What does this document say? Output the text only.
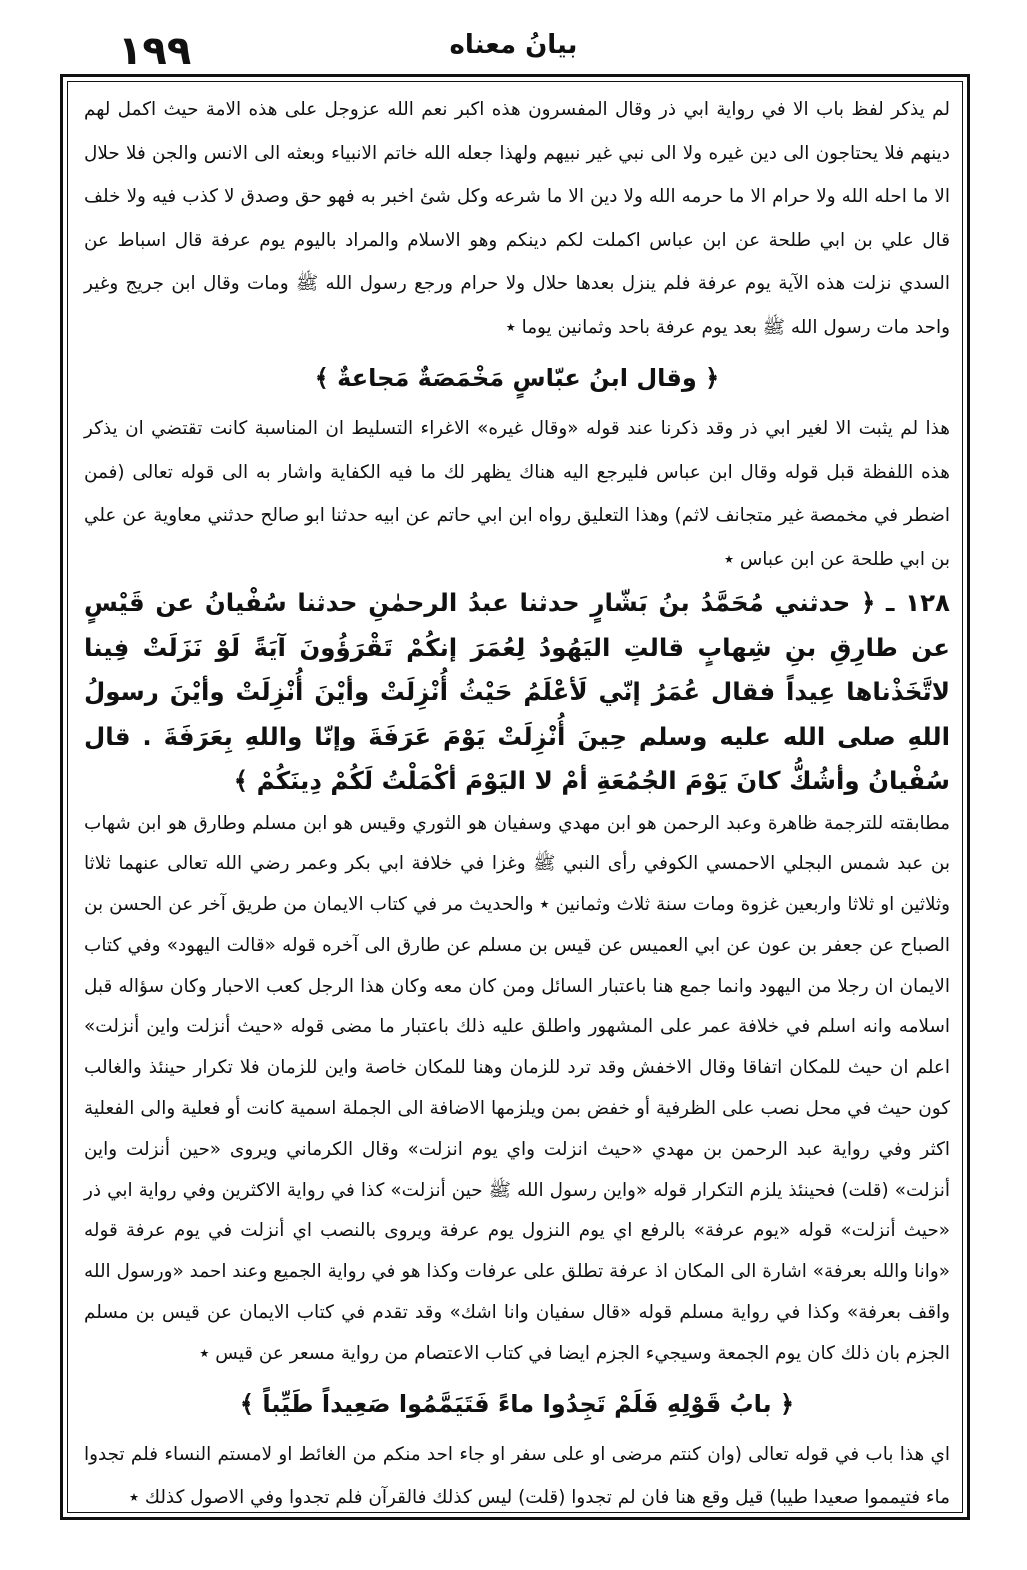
١٩٩	بيانُ معناه

لم يذكر لفظ باب الا في رواية ابي ذر وقال المفسرون هذه اكبر نعم الله عزوجل على هذه الامة حيث اكمل لهم دينهم فلا يحتاجون الى دين غيره ولا الى نبي غير نبيهم ولهذا جعله الله خاتم الانبياء وبعثه الى الانس والجن فلا حلال الا ما احله الله ولا حرام الا ما حرمه الله ولا دين الا ما شرعه وكل شئ اخبر به فهو حق وصدق لا كذب فيه ولا خلف قال علي بن ابي طلحة عن ابن عباس اكملت لكم دينكم وهو الاسلام والمراد باليوم يوم عرفة قال اسباط عن السدي نزلت هذه الآية يوم عرفة فلم ينزل بعدها حلال ولا حرام ورجع رسول الله ﷺ ومات وقال ابن جريج وغير واحد مات رسول الله ﷺ بعد يوم عرفة باحد وثمانين يوما ٭

﴿ وقال ابنُ عبّاسٍ مَخْمَصَةٌ مَجاعةٌ ﴾

هذا لم يثبت الا لغير ابي ذر وقد ذكرنا عند قوله «وقال غيره» الاغراء التسليط ان المناسبة كانت تقتضي ان يذكر هذه اللفظة قبل قوله وقال ابن عباس فليرجع اليه هناك يظهر لك ما فيه الكفاية واشار به الى قوله تعالى (فمن اضطر في مخمصة غير متجانف لاثم) وهذا التعليق رواه ابن ابي حاتم عن ابيه حدثنا ابو صالح حدثني معاوية عن علي بن ابي طلحة عن ابن عباس ٭

١٢٨ ـ ﴿ حدثني مُحَمَّدُ بنُ بَشّارٍ حدثنا عبدُ الرحمٰنِ حدثنا سُفْيانُ عن قَيْسٍ عن طارِقِ بنِ شِهابٍ قالتِ اليَهُودُ لِعُمَرَ إنكُمْ تَقْرَؤُونَ آيَةً لَوْ نَزَلَتْ فِينا لاتَّخَذْناها عِيداً فقال عُمَرُ إنّي لَأعْلَمُ حَيْثُ أُنْزِلَتْ وأيْنَ أُنْزِلَتْ وأيْنَ رسولُ اللهِ صلى الله عليه وسلم حِينَ أُنْزِلَتْ يَوْمَ عَرَفَةَ وإنّا واللهِ بِعَرَفَةَ . قال سُفْيانُ وأشُكُّ كانَ يَوْمَ الجُمُعَةِ أمْ لا اليَوْمَ أكْمَلْتُ لَكُمْ دِينَكُمْ ﴾

مطابقته للترجمة ظاهرة وعبد الرحمن هو ابن مهدي وسفيان هو الثوري وقيس هو ابن مسلم وطارق هو ابن شهاب بن عبد شمس البجلي الاحمسي الكوفي رأى النبي ﷺ وغزا في خلافة ابي بكر وعمر رضي الله تعالى عنهما ثلاثا وثلاثين او ثلاثا واربعين غزوة ومات سنة ثلاث وثمانين ٭ والحديث مر في كتاب الايمان من طريق آخر عن الحسن بن الصباح عن جعفر بن عون عن ابي العميس عن قيس بن مسلم عن طارق الى آخره قوله «قالت اليهود» وفي كتاب الايمان ان رجلا من اليهود وانما جمع هنا باعتبار السائل ومن كان معه وكان هذا الرجل كعب الاحبار وكان سؤاله قبل اسلامه وانه اسلم في خلافة عمر على المشهور واطلق عليه ذلك باعتبار ما مضى قوله «حيث أنزلت واين أنزلت» اعلم ان حيث للمكان اتفاقا وقال الاخفش وقد ترد للزمان وهنا للمكان خاصة واين للزمان فلا تكرار حينئذ والغالب كون حيث في محل نصب على الظرفية أو خفض بمن ويلزمها الاضافة الى الجملة اسمية كانت أو فعلية والى الفعلية اكثر وفي رواية عبد الرحمن بن مهدي «حيث انزلت واي يوم انزلت» وقال الكرماني ويروى «حين أنزلت واين أنزلت» (قلت) فحينئذ يلزم التكرار قوله «واين رسول الله ﷺ حين أنزلت» كذا في رواية الاكثرين وفي رواية ابي ذر «حيث أنزلت» قوله «يوم عرفة» بالرفع اي يوم النزول يوم عرفة ويروى بالنصب اي أنزلت في يوم عرفة قوله «وانا والله بعرفة» اشارة الى المكان اذ عرفة تطلق على عرفات وكذا هو في رواية الجميع وعند احمد «ورسول الله واقف بعرفة» وكذا في رواية مسلم قوله «قال سفيان وانا اشك» وقد تقدم في كتاب الايمان عن قيس بن مسلم الجزم بان ذلك كان يوم الجمعة وسيجيء الجزم ايضا في كتاب الاعتصام من رواية مسعر عن قيس ٭

﴿ بابُ قَوْلِهِ فَلَمْ تَجِدُوا ماءً فَتَيَمَّمُوا صَعِيداً طَيِّباً ﴾

اي هذا باب في قوله تعالى (وان كنتم مرضى او على سفر او جاء احد منكم من الغائط او لامستم النساء فلم تجدوا ماء فتيمموا صعيدا طيبا) قيل وقع هنا فان لم تجدوا (قلت) ليس كذلك فالقرآن فلم تجدوا وفي الاصول كذلك ٭
